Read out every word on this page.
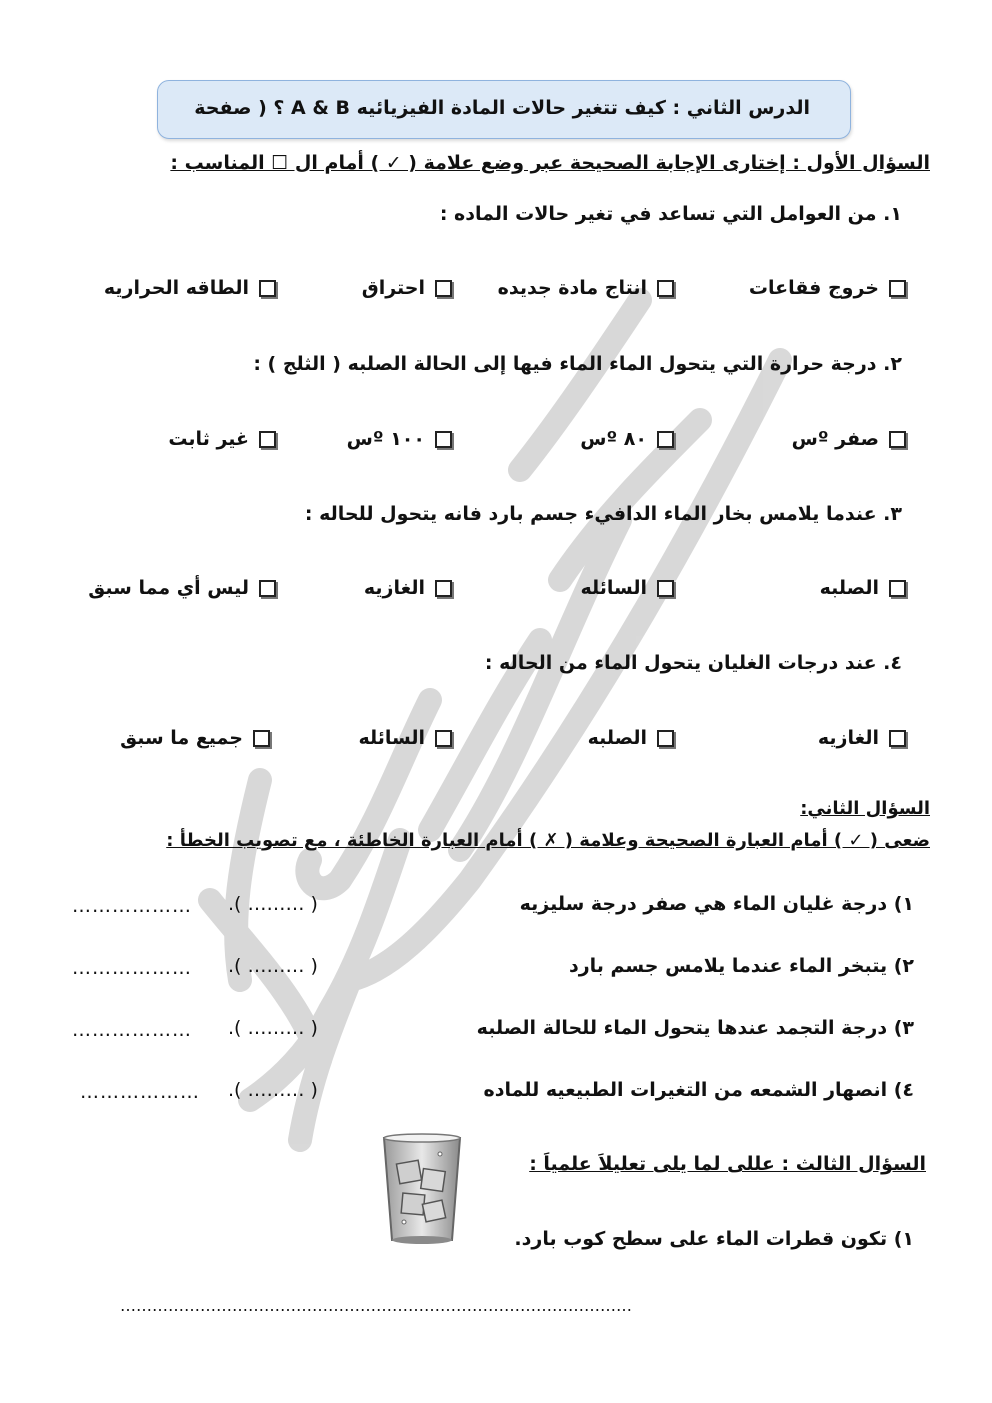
الدرس الثاني : كيف تتغير حالات المادة الفيزيائيه A & B ؟ ( صفحة
السؤال الأول : إختارى الإجابة الصحيحة عبر وضع علامة ( ✓ ) أمام ال ☐ المناسب :
١. من العوامل التي تساعد في تغير حالات الماده :
خروج فقاعات
انتاج مادة جديده
احتراق
الطاقه الحراريه
٢. درجة حرارة التي يتحول الماء الماء فيها إلى الحالة الصلبه ( الثلج ) :
صفر ºس
٨٠ ºس
١٠٠ ºس
غير ثابت
٣. عندما يلامس بخار الماء الدافيء جسم بارد فانه يتحول للحاله :
الصلبه
السائله
الغازيه
ليس أي مما سبق
٤. عند درجات الغليان يتحول الماء من الحاله :
الغازيه
الصلبه
السائله
جميع ما سبق
السؤال الثاني:
ضعى ( ✓ ) أمام العبارة الصحيحة وعلامة ( ✗ ) أمام العبارة الخاطئة ، مع تصويب الخطأ :
١) درجة غليان الماء هي صفر درجة سليزيه
( ……… ).
………………
٢) يتبخر الماء عندما يلامس جسم بارد
( ……… ).
………………
٣) درجة التجمد عندها يتحول الماء للحالة الصلبه
( ……… ).
………………
٤) انصهار الشمعه من التغيرات الطبيعيه للماده
( ……… ).
………………
السؤال الثالث : عللى لما يلى تعليلاَ علمياَ :
١) تكون قطرات الماء على سطح كوب بارد.
……………………………………………………………………………………
